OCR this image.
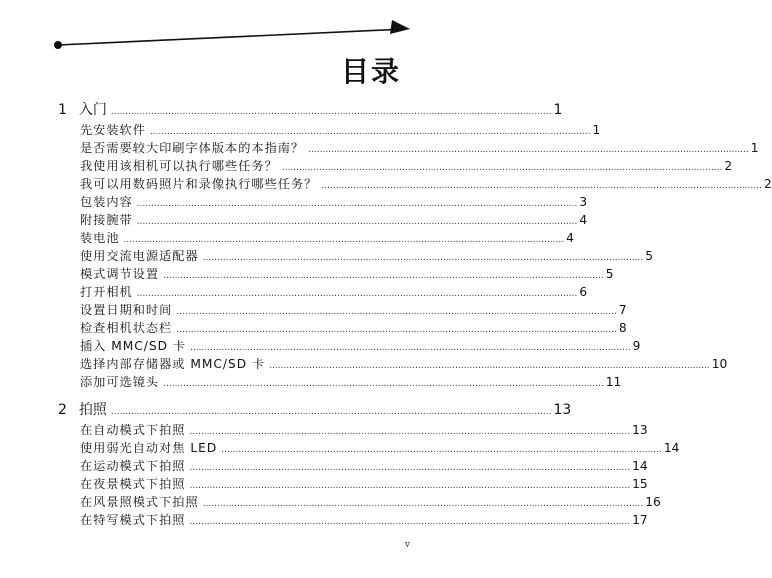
目录
1 入门 .......................................................................................................................................................... 1
先安装软件 .......................................................................................................................................................... 1
是否需要较大印刷字体版本的本指南？ .......................................................................................................................................................... 1
我使用该相机可以执行哪些任务？ .......................................................................................................................................................... 2
我可以用数码照片和录像执行哪些任务？ .......................................................................................................................................................... 2
包装内容 .......................................................................................................................................................... 3
附接腕带 .......................................................................................................................................................... 4
装电池 .......................................................................................................................................................... 4
使用交流电源适配器 .......................................................................................................................................................... 5
模式调节设置 .......................................................................................................................................................... 5
打开相机 .......................................................................................................................................................... 6
设置日期和时间 .......................................................................................................................................................... 7
检查相机状态栏 .......................................................................................................................................................... 8
插入 MMC/SD 卡 .......................................................................................................................................................... 9
选择内部存储器或 MMC/SD 卡 .......................................................................................................................................................... 10
添加可选镜头 .......................................................................................................................................................... 11
2 拍照 .......................................................................................................................................................... 13
在自动模式下拍照 .......................................................................................................................................................... 13
使用弱光自动对焦 LED .......................................................................................................................................................... 14
在运动模式下拍照 .......................................................................................................................................................... 14
在夜景模式下拍照 .......................................................................................................................................................... 15
在风景照模式下拍照 .......................................................................................................................................................... 16
在特写模式下拍照 .......................................................................................................................................................... 17
v
